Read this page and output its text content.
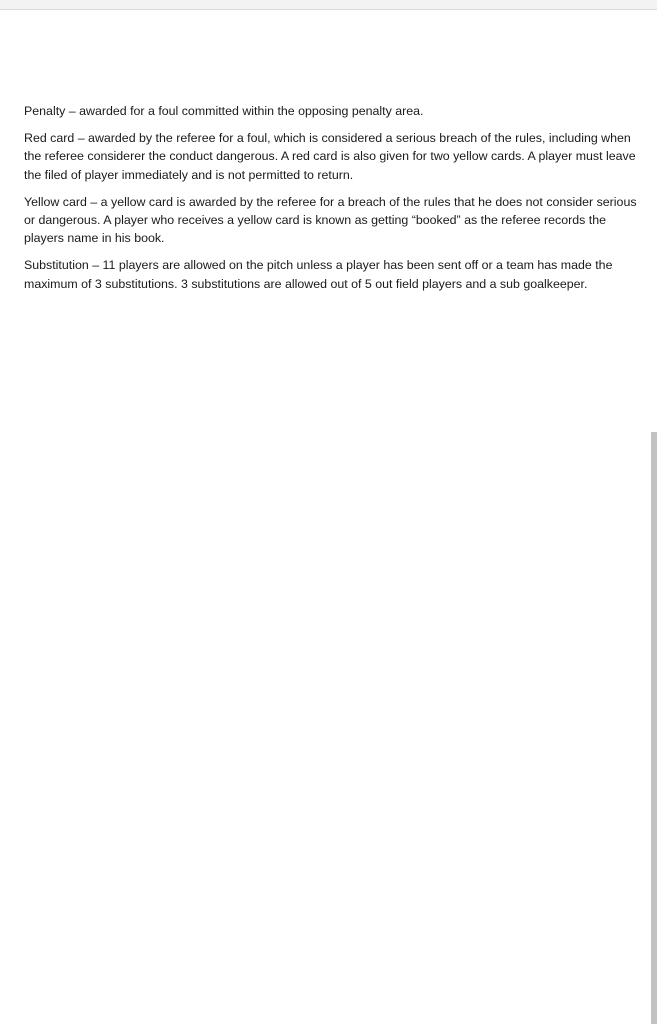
Penalty – awarded for a foul committed within the opposing penalty area.

Red card – awarded by the referee for a foul, which is considered a serious breach of the rules, including when the referee considerer the conduct dangerous. A red card is also given for two yellow cards. A player must leave the filed of player immediately and is not permitted to return.

Yellow card – a yellow card is awarded by the referee for a breach of the rules that he does not consider serious or dangerous. A player who receives a yellow card is known as getting “booked” as the referee records the players name in his book.

Substitution – 11 players are allowed on the pitch unless a player has been sent off or a team has made the maximum of 3 substitutions. 3 substitutions are allowed out of 5 out field players and a sub goalkeeper.
